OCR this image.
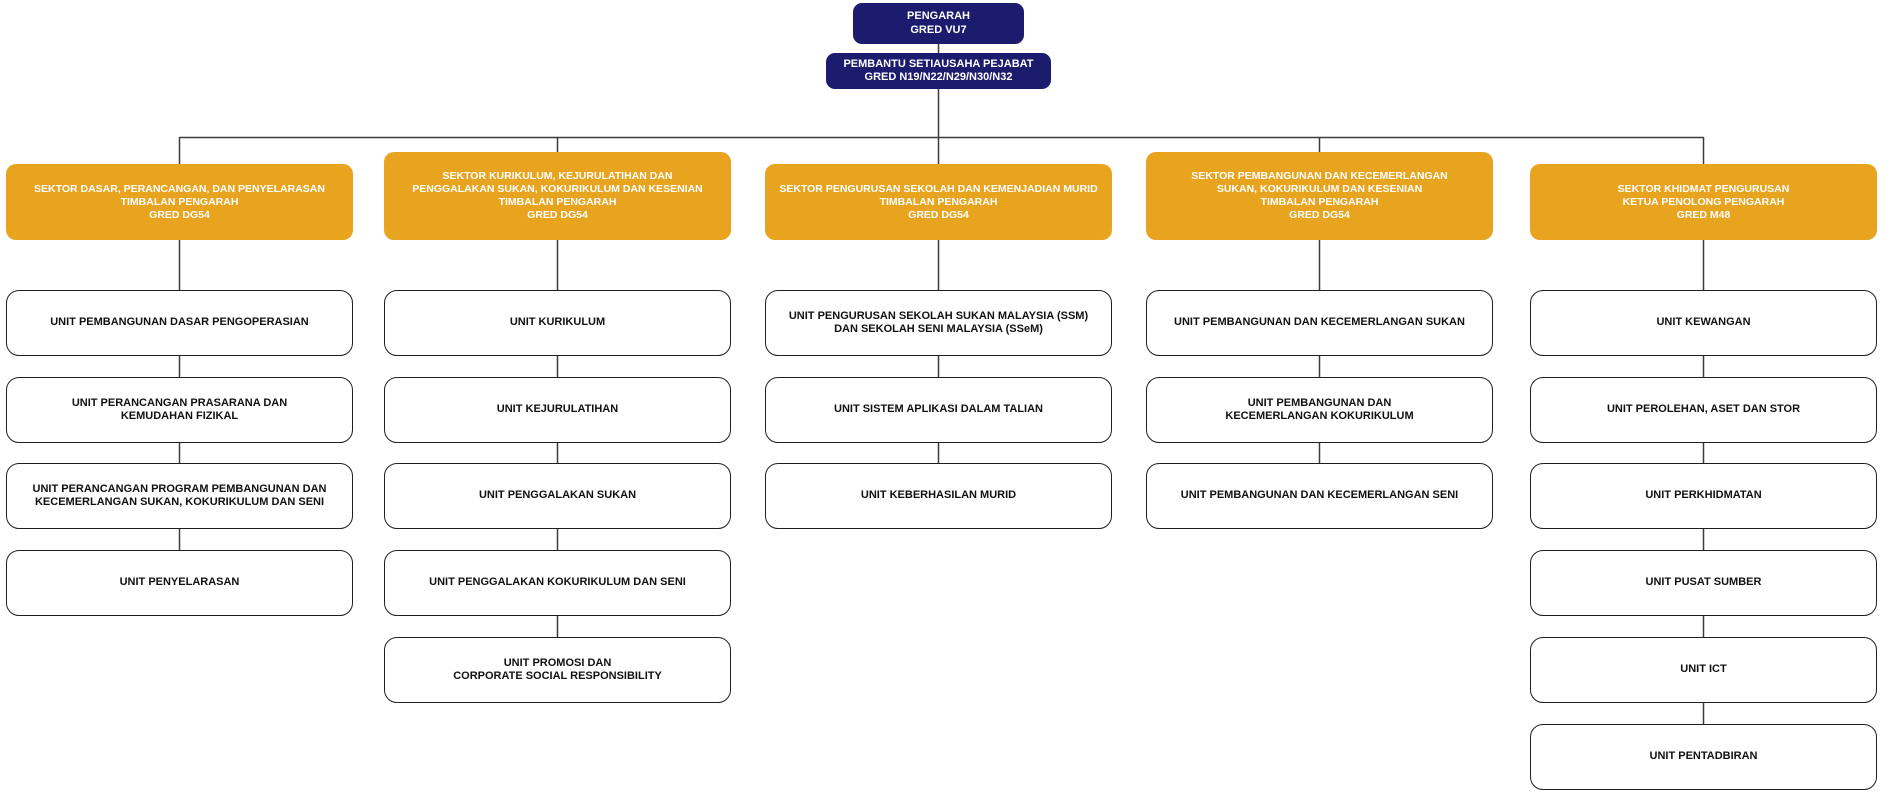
PENGARAH
GRED VU7
PEMBANTU SETIAUSAHA PEJABAT
GRED N19/N22/N29/N30/N32
SEKTOR DASAR, PERANCANGAN, DAN PENYELARASAN
TIMBALAN PENGARAH
GRED DG54
SEKTOR KURIKULUM, KEJURULATIHAN DAN
PENGGALAKAN SUKAN, KOKURIKULUM DAN KESENIAN
TIMBALAN PENGARAH
GRED DG54
SEKTOR PENGURUSAN SEKOLAH DAN KEMENJADIAN MURID
TIMBALAN PENGARAH
GRED DG54
SEKTOR PEMBANGUNAN DAN KECEMERLANGAN
SUKAN, KOKURIKULUM DAN KESENIAN
TIMBALAN PENGARAH
GRED DG54
SEKTOR KHIDMAT PENGURUSAN
KETUA PENOLONG PENGARAH
GRED M48
UNIT PEMBANGUNAN DASAR PENGOPERASIAN
UNIT PERANCANGAN PRASARANA DAN
KEMUDAHAN FIZIKAL
UNIT PERANCANGAN PROGRAM PEMBANGUNAN DAN
KECEMERLANGAN SUKAN, KOKURIKULUM DAN SENI
UNIT PENYELARASAN
UNIT KURIKULUM
UNIT KEJURULATIHAN
UNIT PENGGALAKAN SUKAN
UNIT PENGGALAKAN KOKURIKULUM DAN SENI
UNIT PROMOSI DAN
CORPORATE SOCIAL RESPONSIBILITY
UNIT PENGURUSAN SEKOLAH SUKAN MALAYSIA (SSM)
DAN SEKOLAH SENI MALAYSIA (SSeM)
UNIT SISTEM APLIKASI DALAM TALIAN
UNIT KEBERHASILAN MURID
UNIT PEMBANGUNAN DAN KECEMERLANGAN SUKAN
UNIT PEMBANGUNAN DAN
KECEMERLANGAN KOKURIKULUM
UNIT PEMBANGUNAN DAN KECEMERLANGAN SENI
UNIT KEWANGAN
UNIT PEROLEHAN, ASET DAN STOR
UNIT PERKHIDMATAN
UNIT PUSAT SUMBER
UNIT ICT
UNIT PENTADBIRAN
